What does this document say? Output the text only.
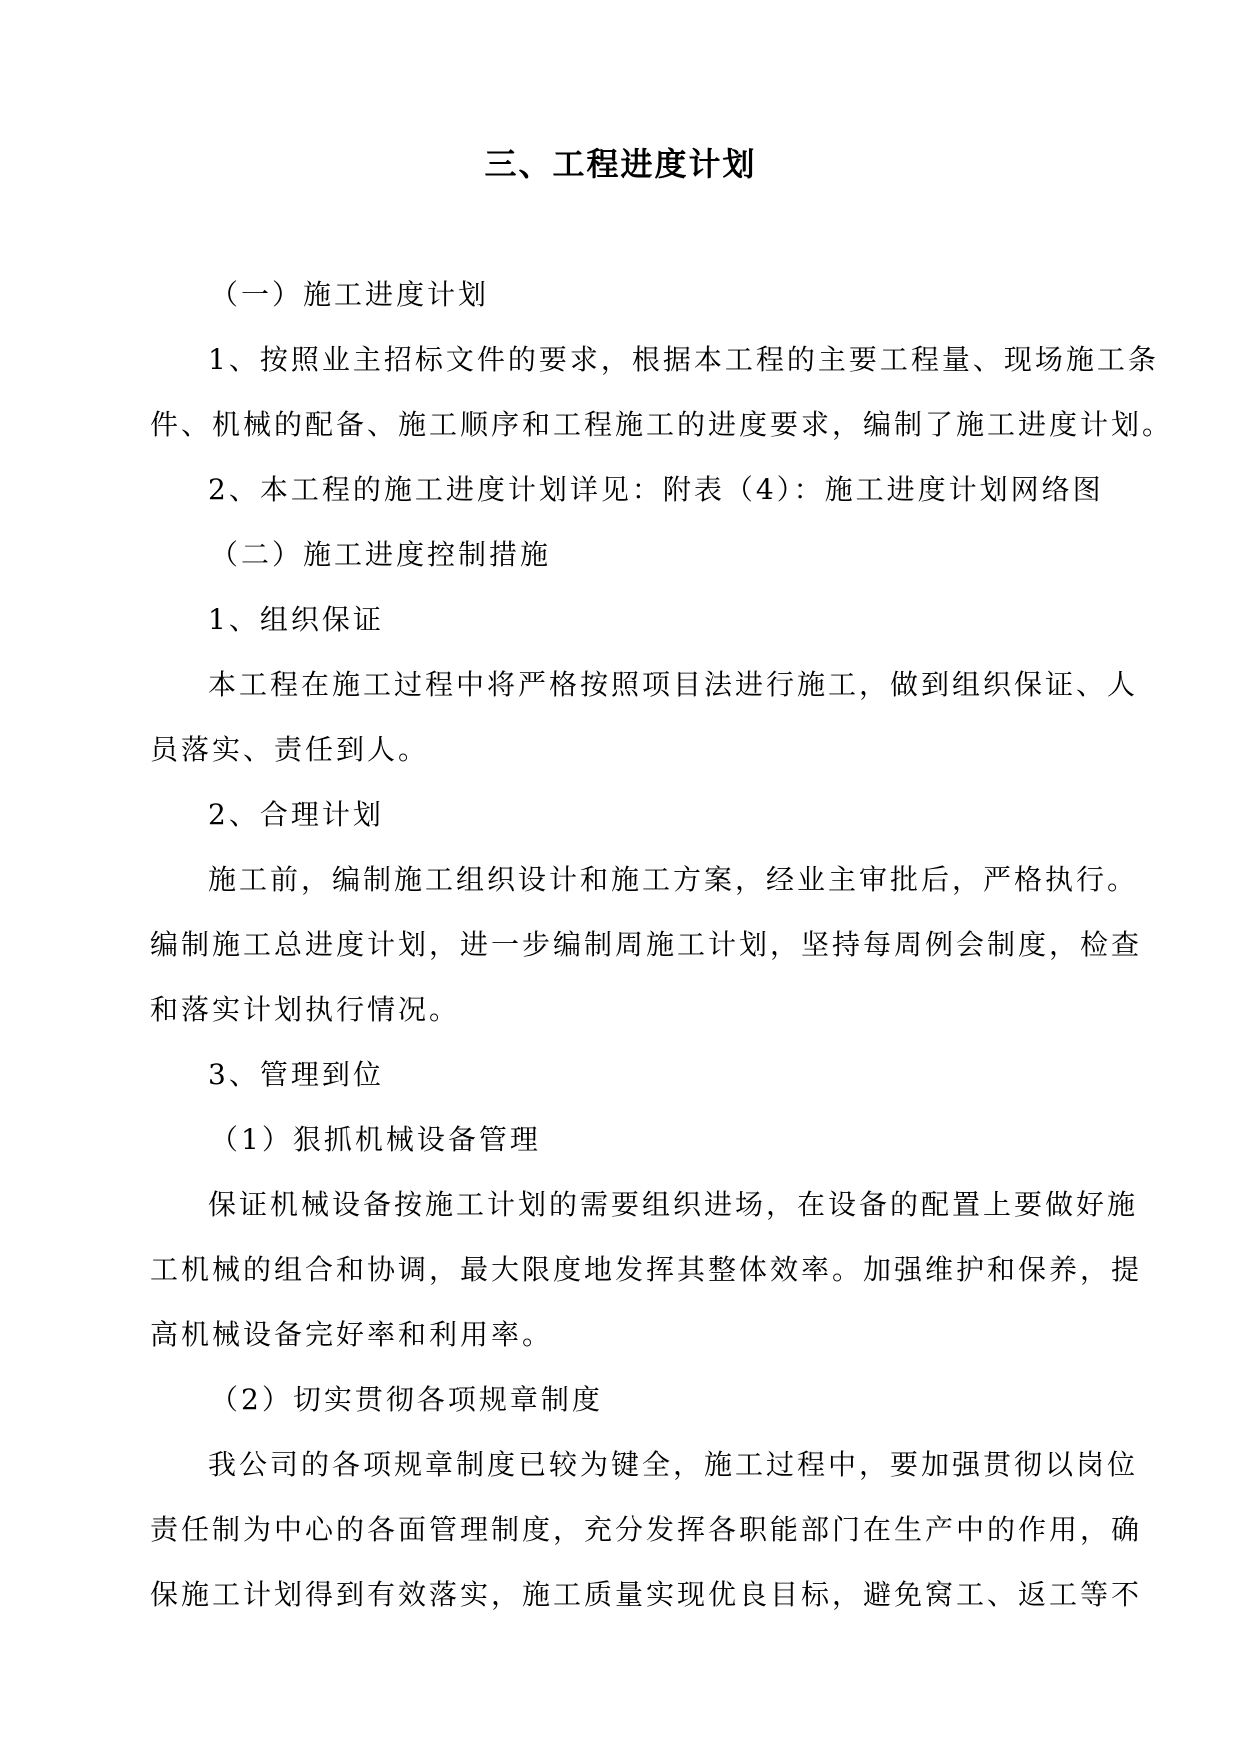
三、工程进度计划
（一）施工进度计划
1、按照业主招标文件的要求，根据本工程的主要工程量、现场施工条
件、机械的配备、施工顺序和工程施工的进度要求，编制了施工进度计划。
2、本工程的施工进度计划详见：附表（4）：施工进度计划网络图
（二）施工进度控制措施
1、组织保证
本工程在施工过程中将严格按照项目法进行施工，做到组织保证、人
员落实、责任到人。
2、合理计划
施工前，编制施工组织设计和施工方案，经业主审批后，严格执行。
编制施工总进度计划，进一步编制周施工计划，坚持每周例会制度，检查
和落实计划执行情况。
3、管理到位
（1）狠抓机械设备管理
保证机械设备按施工计划的需要组织进场，在设备的配置上要做好施
工机械的组合和协调，最大限度地发挥其整体效率。加强维护和保养，提
高机械设备完好率和利用率。
（2）切实贯彻各项规章制度
我公司的各项规章制度已较为键全，施工过程中，要加强贯彻以岗位
责任制为中心的各面管理制度，充分发挥各职能部门在生产中的作用，确
保施工计划得到有效落实，施工质量实现优良目标，避免窝工、返工等不
